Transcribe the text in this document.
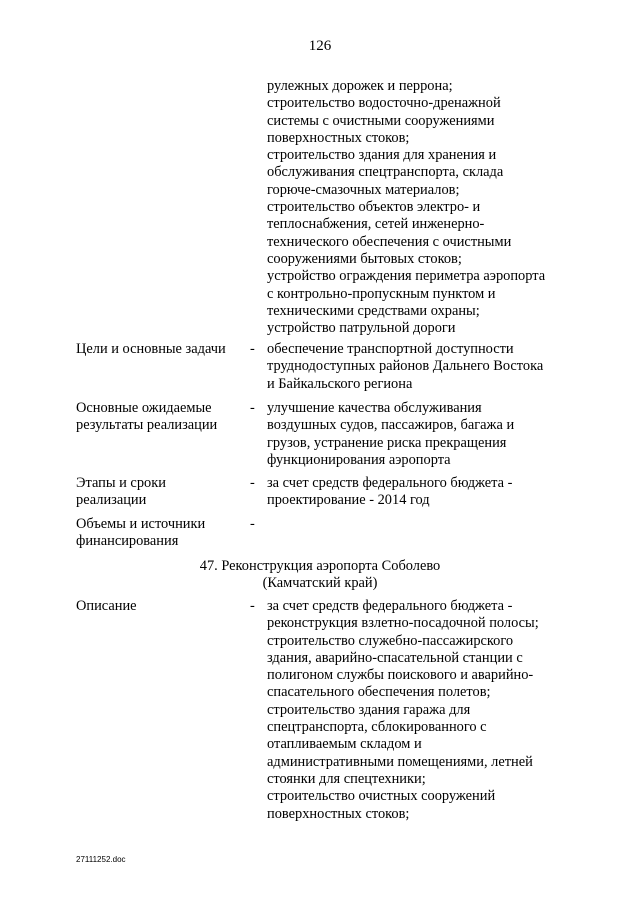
126
рулежных дорожек и перрона;
строительство водосточно-дренажной
системы с очистными сооружениями
поверхностных стоков;
строительство здания для хранения и
обслуживания спецтранспорта, склада
горюче-смазочных материалов;
строительство объектов электро- и
теплоснабжения, сетей инженерно-
технического обеспечения с очистными
сооружениями бытовых стоков;
устройство ограждения периметра аэропорта
с контрольно-пропускным пунктом и
техническими средствами охраны;
устройство патрульной дороги
Цели и основные задачи - обеспечение транспортной доступности
труднодоступных районов Дальнего Востока
и Байкальского региона
Основные ожидаемые
результаты реализации
- улучшение качества обслуживания
воздушных судов, пассажиров, багажа и
грузов, устранение риска прекращения
функционирования аэропорта
Этапы и сроки
реализации
- за счет средств федерального бюджета -
проектирование - 2014 год
Объемы и источники
финансирования
-
47. Реконструкция аэропорта Соболево
(Камчатский край)
Описание	- за счет средств федерального бюджета -
реконструкция взлетно-посадочной полосы;
строительство служебно-пассажирского
здания, аварийно-спасательной станции с
полигоном службы поискового и аварийно-
спасательного обеспечения полетов;
строительство здания гаража для
спецтранспорта, сблокированного с
отапливаемым складом и
административными помещениями, летней
стоянки для спецтехники;
строительство очистных сооружений
поверхностных стоков;
27111252.doc
